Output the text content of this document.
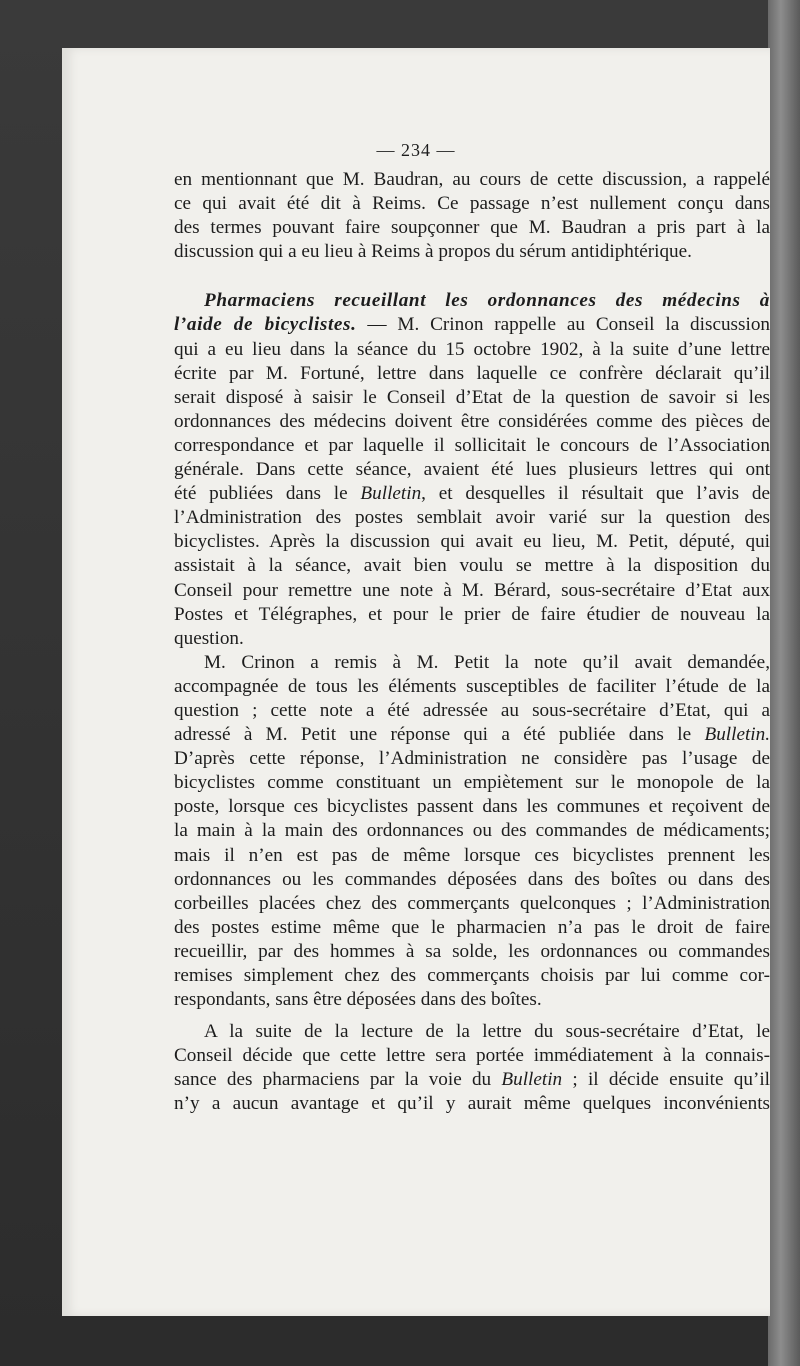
— 234 —
en mentionnant que M. Baudran, au cours de cette discussion, a rappelé
ce qui avait été dit à Reims. Ce passage n’est nullement conçu dans
des termes pouvant faire soupçonner que M. Baudran a pris part à la
discussion qui a eu lieu à Reims à propos du sérum antidiphtérique.
Pharmaciens recueillant les ordonnances des médecins à
l’aide de bicyclistes. — M. Crinon rappelle au Conseil la discussion
qui a eu lieu dans la séance du 15 octobre 1902, à la suite d’une lettre
écrite par M. Fortuné, lettre dans laquelle ce confrère déclarait qu’il
serait disposé à saisir le Conseil d’Etat de la question de savoir si les
ordonnances des médecins doivent être considérées comme des pièces de
correspondance et par laquelle il sollicitait le concours de l’Association
générale. Dans cette séance, avaient été lues plusieurs lettres qui ont
été publiées dans le Bulletin, et desquelles il résultait que l’avis de
l’Administration des postes semblait avoir varié sur la question des
bicyclistes. Après la discussion qui avait eu lieu, M. Petit, député, qui
assistait à la séance, avait bien voulu se mettre à la disposition du
Conseil pour remettre une note à M. Bérard, sous-secrétaire d’Etat aux
Postes et Télégraphes, et pour le prier de faire étudier de nouveau la
question.
M. Crinon a remis à M. Petit la note qu’il avait demandée,
accompagnée de tous les éléments susceptibles de faciliter l’étude de la
question ; cette note a été adressée au sous-secrétaire d’Etat, qui a
adressé à M. Petit une réponse qui a été publiée dans le Bulletin.
D’après cette réponse, l’Administration ne considère pas l’usage de
bicyclistes comme constituant un empiètement sur le monopole de la
poste, lorsque ces bicyclistes passent dans les communes et reçoivent de
la main à la main des ordonnances ou des commandes de médicaments;
mais il n’en est pas de même lorsque ces bicyclistes prennent les
ordonnances ou les commandes déposées dans des boîtes ou dans des
corbeilles placées chez des commerçants quelconques ; l’Administration
des postes estime même que le pharmacien n’a pas le droit de faire
recueillir, par des hommes à sa solde, les ordonnances ou commandes
remises simplement chez des commerçants choisis par lui comme cor-
respondants, sans être déposées dans des boîtes.
A la suite de la lecture de la lettre du sous-secrétaire d’Etat, le
Conseil décide que cette lettre sera portée immédiatement à la connais-
sance des pharmaciens par la voie du Bulletin ; il décide ensuite qu’il
n’y a aucun avantage et qu’il y aurait même quelques inconvénients
